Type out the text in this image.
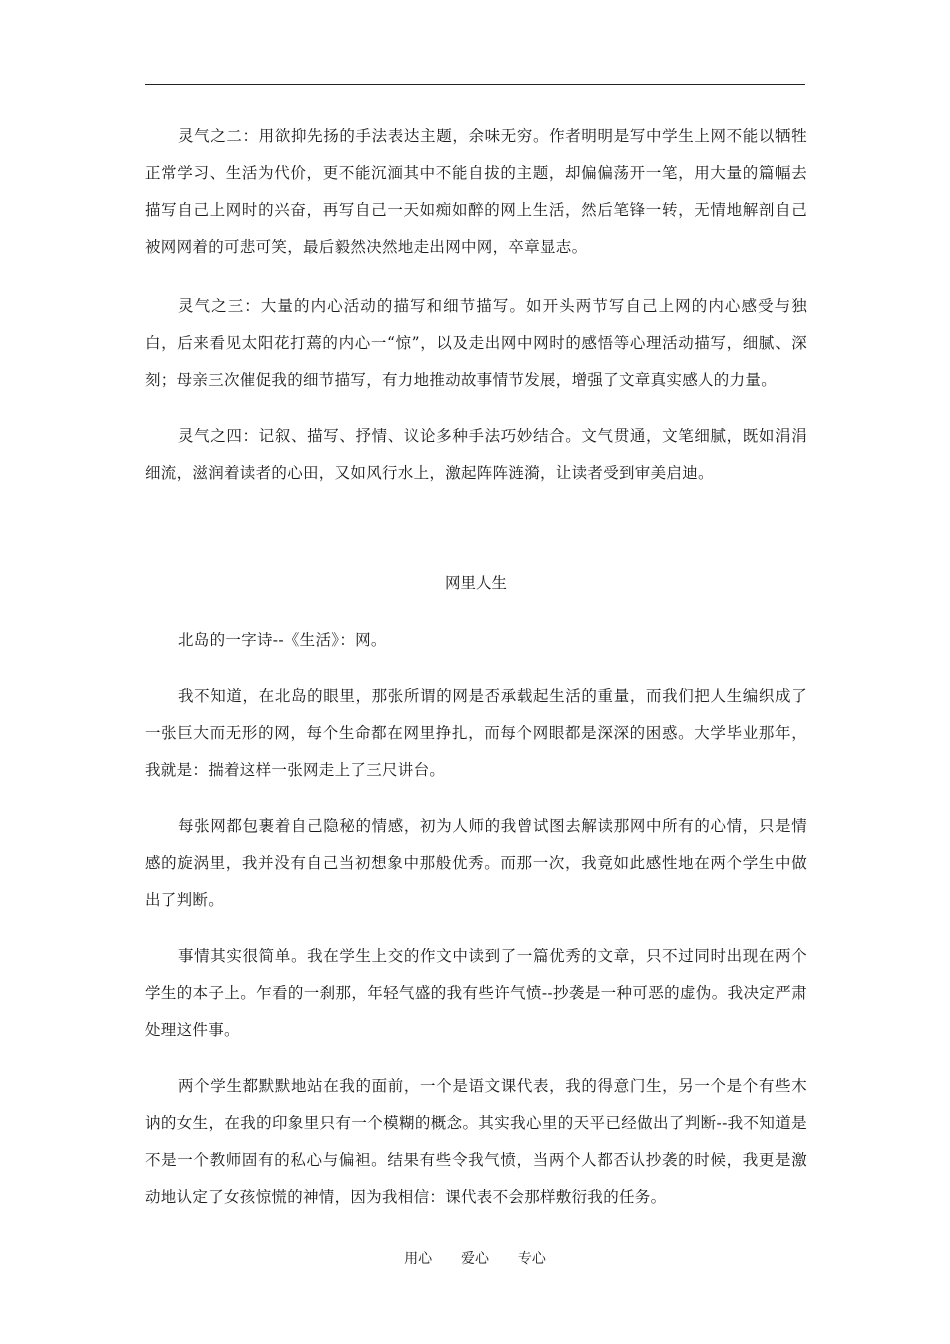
灵气之二：用欲抑先扬的手法表达主题，余味无穷。作者明明是写中学生上网不能以牺牲正常学习、生活为代价，更不能沉湎其中不能自拔的主题，却偏偏荡开一笔，用大量的篇幅去描写自己上网时的兴奋，再写自己一天如痴如醉的网上生活，然后笔锋一转，无情地解剖自己被网网着的可悲可笑，最后毅然决然地走出网中网，卒章显志。

灵气之三：大量的内心活动的描写和细节描写。如开头两节写自己上网的内心感受与独白，后来看见太阳花打蔫的内心一“惊”，以及走出网中网时的感悟等心理活动描写，细腻、深刻；母亲三次催促我的细节描写，有力地推动故事情节发展，增强了文章真实感人的力量。

灵气之四：记叙、描写、抒情、议论多种手法巧妙结合。文气贯通，文笔细腻，既如涓涓细流，滋润着读者的心田，又如风行水上，激起阵阵涟漪，让读者受到审美启迪。

网里人生

北岛的一字诗--《生活》：网。

我不知道，在北岛的眼里，那张所谓的网是否承载起生活的重量，而我们把人生编织成了一张巨大而无形的网，每个生命都在网里挣扎，而每个网眼都是深深的困惑。大学毕业那年，我就是：揣着这样一张网走上了三尺讲台。

每张网都包裹着自己隐秘的情感，初为人师的我曾试图去解读那网中所有的心情，只是情感的旋涡里，我并没有自己当初想象中那般优秀。而那一次，我竟如此感性地在两个学生中做出了判断。

事情其实很简单。我在学生上交的作文中读到了一篇优秀的文章，只不过同时出现在两个学生的本子上。乍看的一刹那，年轻气盛的我有些许气愤--抄袭是一种可恶的虚伪。我决定严肃处理这件事。

两个学生都默默地站在我的面前，一个是语文课代表，我的得意门生，另一个是个有些木讷的女生，在我的印象里只有一个模糊的概念。其实我心里的天平已经做出了判断--我不知道是不是一个教师固有的私心与偏袒。结果有些令我气愤，当两个人都否认抄袭的时候，我更是激动地认定了女孩惊慌的神情，因为我相信：课代表不会那样敷衍我的任务。

用心  爱心  专心
